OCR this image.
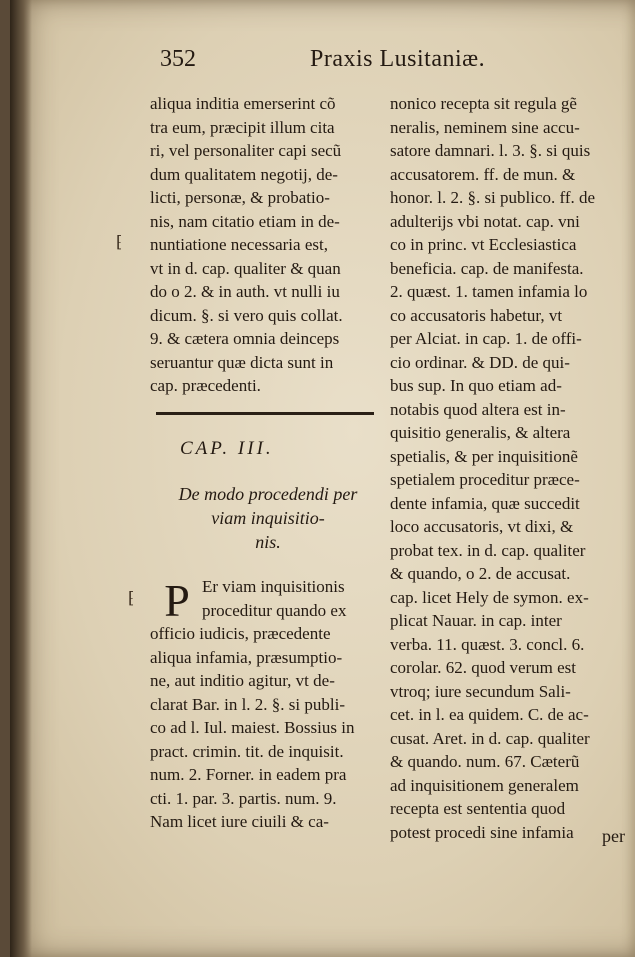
352	Praxis Lusitaniæ.
aliqua inditia emerserint cõ
tra eum, præcipit illum cita
ri, vel personaliter capi secũ
dum qualitatem negotij, de-
licti, personæ, & probatio-
nis, nam citatio etiam in de-
nuntiatione necessaria est,
vt in d. cap. qualiter & quan
do o 2. & in auth. vt nulli iu
dicum. §. si vero quis collat.
9. & cætera omnia deinceps
seruantur quæ dicta sunt in
cap. præcedenti.
CAP. III.
De modo procedendi per
viam inquisitio-
nis.
P Er viam inquisitionis
proceditur quando ex
officio iudicis, præcedente
aliqua infamia, præsumptio-
ne, aut inditio agitur, vt de-
clarat Bar. in l. 2. §. si publi-
co ad l. Iul. maiest. Bossius in
pract. crimin. tit. de inquisit.
num. 2. Forner. in eadem pra
cti. 1. par. 3. partis. num. 9.
Nam licet iure ciuili & ca-
nonico recepta sit regula gẽ
neralis, neminem sine accu-
satore damnari. l. 3. §. si quis
accusatorem. ff. de mun. &
honor. l. 2. §. si publico. ff. de
adulterijs vbi notat. cap. vni
co in princ. vt Ecclesiastica
beneficia. cap. de manifesta.
2. quæst. 1. tamen infamia lo
co accusatoris habetur, vt
per Alciat. in cap. 1. de offi-
cio ordinar. & DD. de qui-
bus sup. In quo etiam ad-
notabis quod altera est in-
quisitio generalis, & altera
spetialis, & per inquisitionẽ
spetialem proceditur præce-
dente infamia, quæ succedit
loco accusatoris, vt dixi, &
probat tex. in d. cap. qualiter
& quando, o 2. de accusat.
cap. licet Hely de symon. ex-
plicat Nauar. in cap. inter
verba. 11. quæst. 3. concl. 6.
corolar. 62. quod verum est
vtroq; iure secundum Sali-
cet. in l. ea quidem. C. de ac-
cusat. Aret. in d. cap. qualiter
& quando. num. 67. Cæterũ
ad inquisitionem generalem
recepta est sententia quod
potest procedi sine infamia	per
⁅
⁅
